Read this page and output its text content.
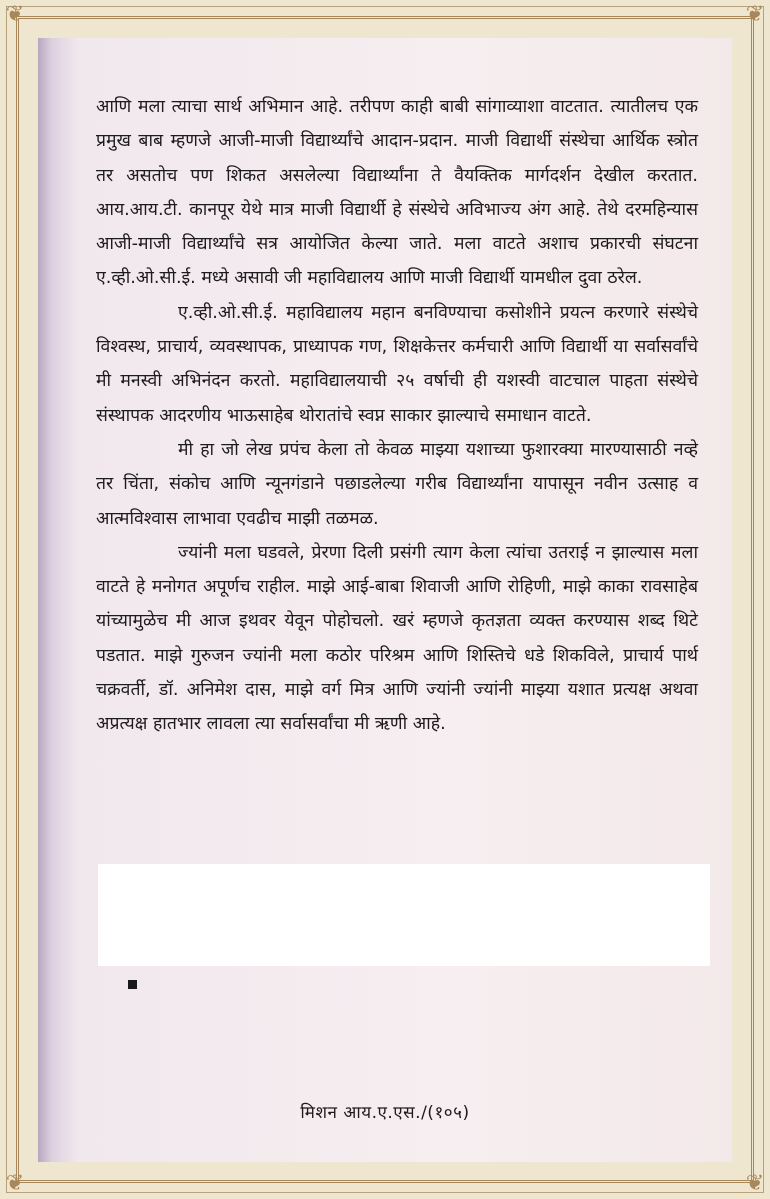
❦	❦
❦	❦

आणि मला त्याचा सार्थ अभिमान आहे. तरीपण काही बाबी सांगाव्याशा वाटतात. त्यातीलच एक प्रमुख बाब म्हणजे आजी-माजी विद्यार्थ्यांचे आदान-प्रदान. माजी विद्यार्थी संस्थेचा आर्थिक स्त्रोत तर असतोच पण शिकत असलेल्या विद्यार्थ्यांना ते वैयक्तिक मार्गदर्शन देखील करतात. आय.आय.टी. कानपूर येथे मात्र माजी विद्यार्थी हे संस्थेचे अविभाज्य अंग आहे. तेथे दरमहिन्यास आजी-माजी विद्यार्थ्यांचे सत्र आयोजित केल्या जाते. मला वाटते अशाच प्रकारची संघटना ए.व्ही.ओ.सी.ई. मध्ये असावी जी महाविद्यालय आणि माजी विद्यार्थी यामधील दुवा ठरेल.

ए.व्ही.ओ.सी.ई. महाविद्यालय महान बनविण्याचा कसोशीने प्रयत्न करणारे संस्थेचे विश्वस्थ, प्राचार्य, व्यवस्थापक, प्राध्यापक गण, शिक्षकेत्तर कर्मचारी आणि विद्यार्थी या सर्वासर्वांचे मी मनस्वी अभिनंदन करतो. महाविद्यालयाची २५ वर्षाची ही यशस्वी वाटचाल पाहता संस्थेचे संस्थापक आदरणीय भाऊसाहेब थोरातांचे स्वप्न साकार झाल्याचे समाधान वाटते.

मी हा जो लेख प्रपंच केला तो केवळ माझ्या यशाच्या फुशारक्या मारण्यासाठी नव्हे तर चिंता, संकोच आणि न्यूनगंडाने पछाडलेल्या गरीब विद्यार्थ्यांना यापासून नवीन उत्साह व आत्मविश्वास लाभावा एवढीच माझी तळमळ.

ज्यांनी मला घडवले, प्रेरणा दिली प्रसंगी त्याग केला त्यांचा उतराई न झाल्यास मला वाटते हे मनोगत अपूर्णच राहील. माझे आई-बाबा शिवाजी आणि रोहिणी, माझे काका रावसाहेब यांच्यामुळेच मी आज इथवर येवून पोहोचलो. खरं म्हणजे कृतज्ञता व्यक्त करण्यास शब्द थिटे पडतात. माझे गुरुजन ज्यांनी मला कठोर परिश्रम आणि शिस्तिचे धडे शिकविले, प्राचार्य पार्थ चक्रवर्ती, डॉ. अनिमेश दास, माझे वर्ग मित्र आणि ज्यांनी ज्यांनी माझ्या यशात प्रत्यक्ष अथवा अप्रत्यक्ष हातभार लावला त्या सर्वासर्वांचा मी ऋणी आहे.

मिशन आय.ए.एस./(१०५)
